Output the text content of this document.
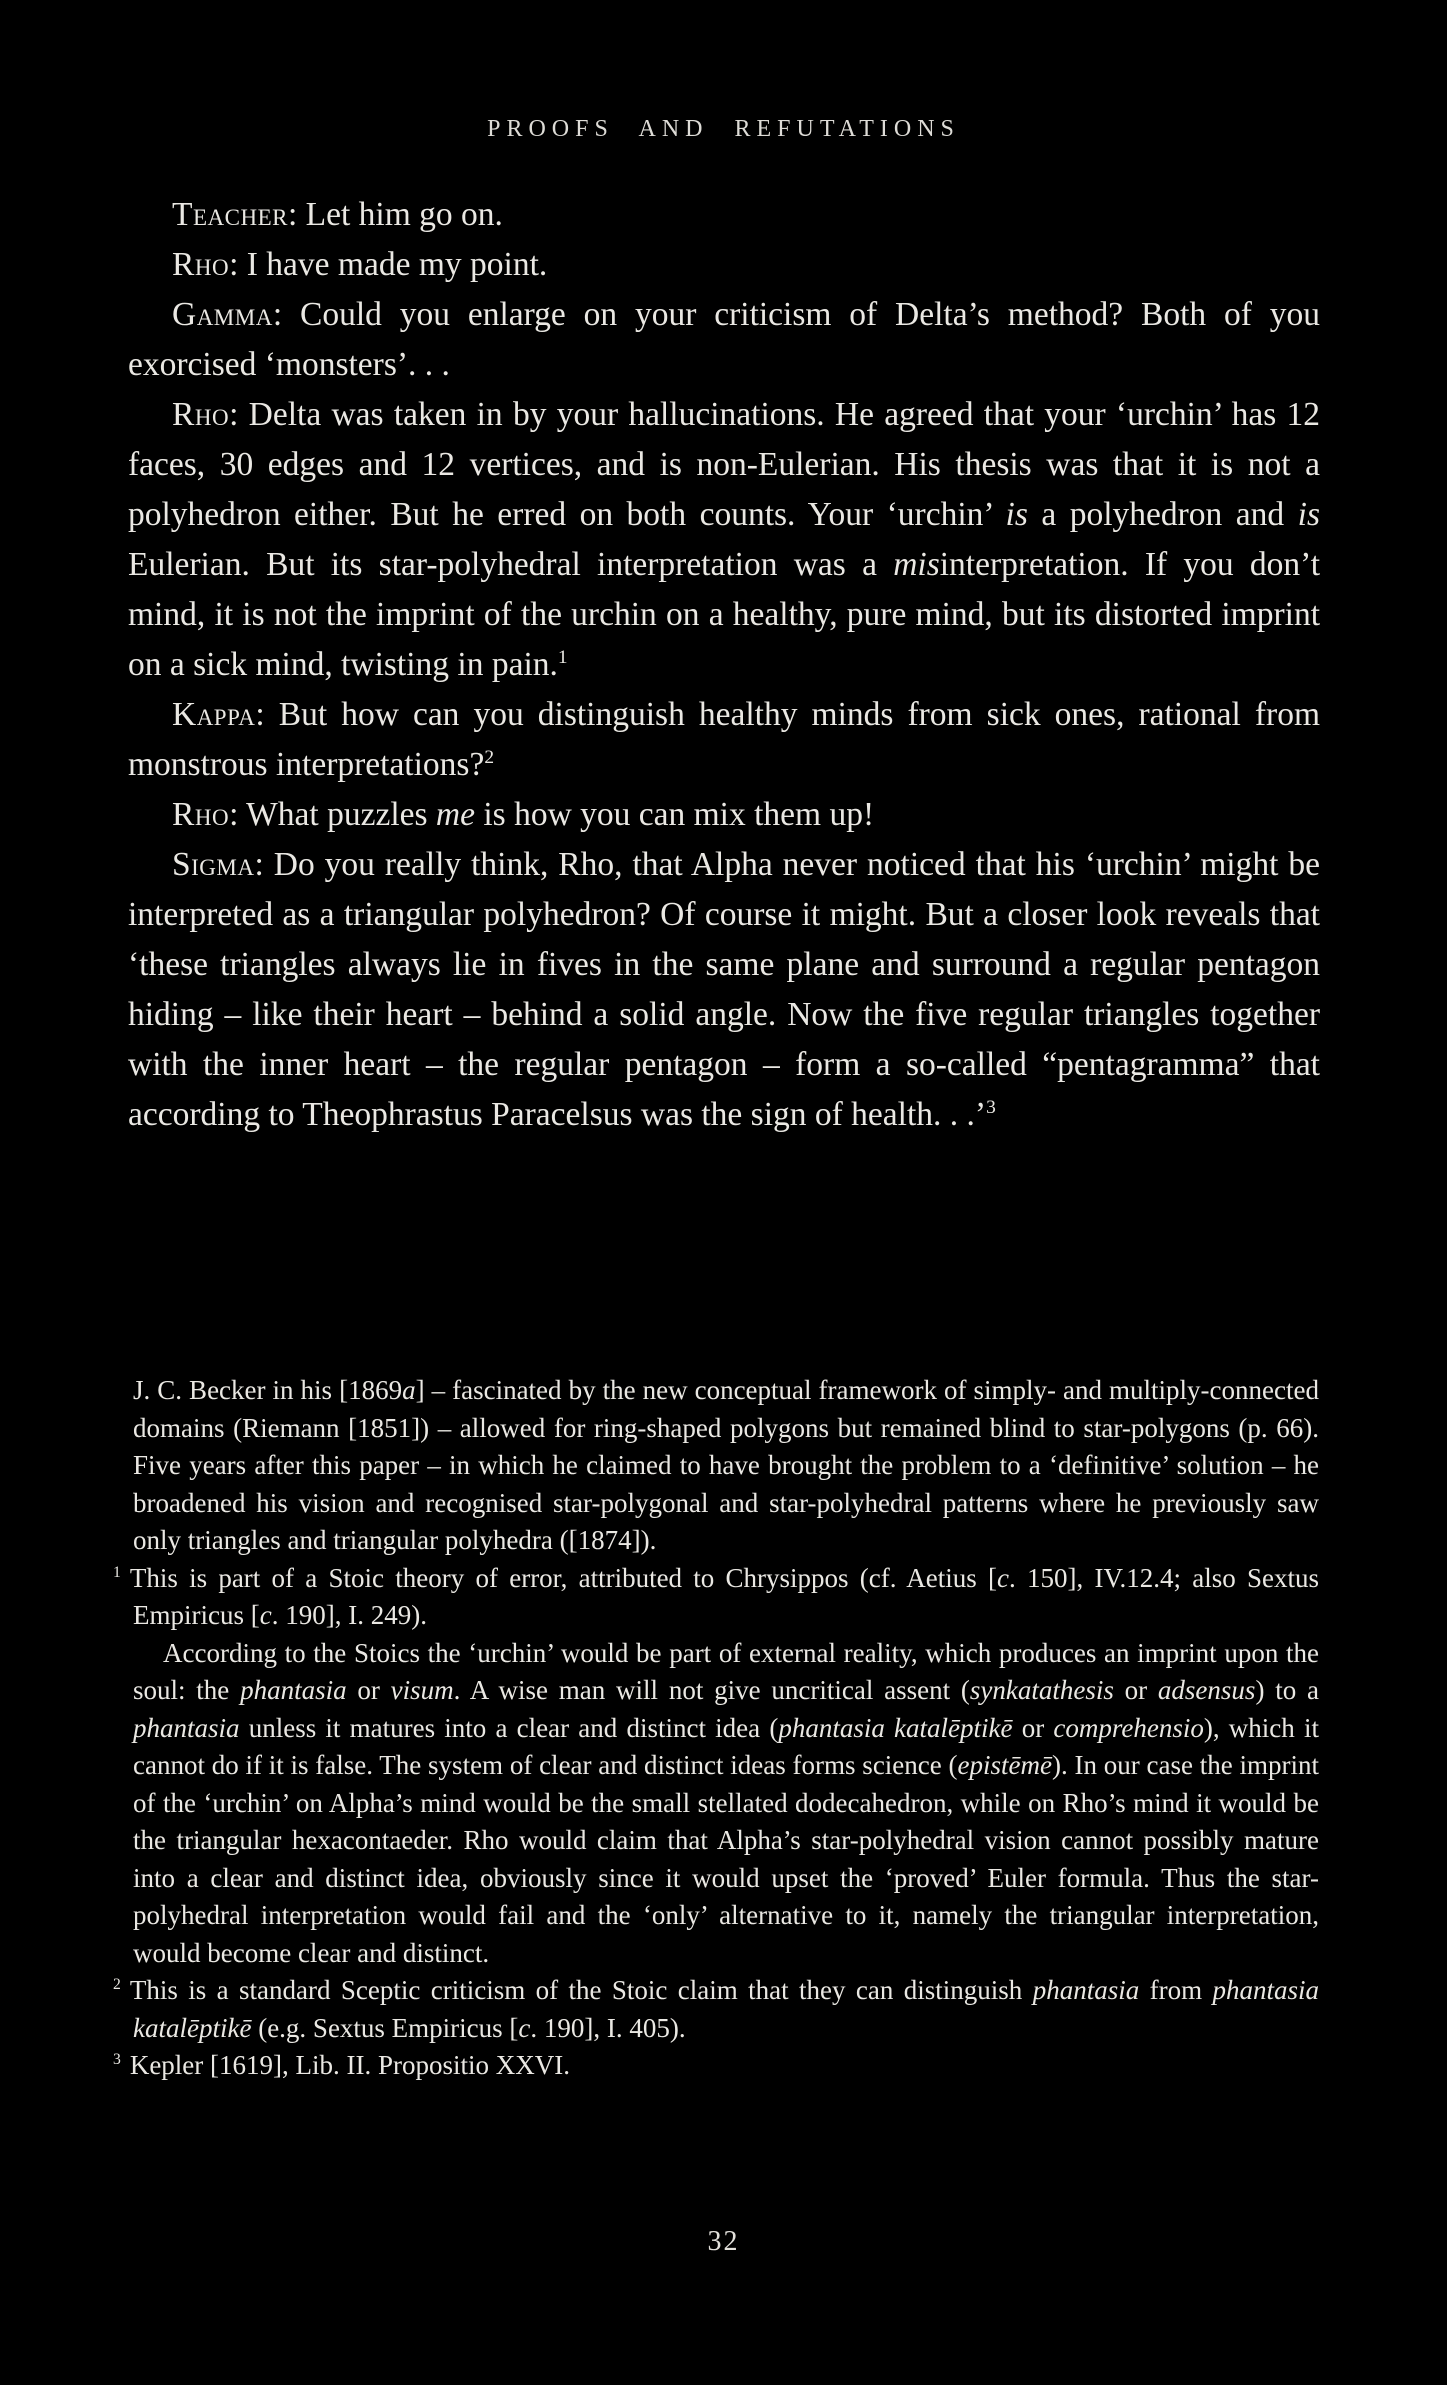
PROOFS AND REFUTATIONS

Teacher: Let him go on.

Rho: I have made my point.

Gamma: Could you enlarge on your criticism of Delta’s method? Both of you exorcised ‘monsters’. . .

Rho: Delta was taken in by your hallucinations. He agreed that your ‘urchin’ has 12 faces, 30 edges and 12 vertices, and is non-Eulerian. His thesis was that it is not a polyhedron either. But he erred on both counts. Your ‘urchin’ is a polyhedron and is Eulerian. But its star-polyhedral interpretation was a misinterpretation. If you don’t mind, it is not the imprint of the urchin on a healthy, pure mind, but its distorted imprint on a sick mind, twisting in pain.$^1$

Kappa: But how can you distinguish healthy minds from sick ones, rational from monstrous interpretations?$^2$

Rho: What puzzles me is how you can mix them up!

Sigma: Do you really think, Rho, that Alpha never noticed that his ‘urchin’ might be interpreted as a triangular polyhedron? Of course it might. But a closer look reveals that ‘these triangles always lie in fives in the same plane and surround a regular pentagon hiding – like their heart – behind a solid angle. Now the five regular triangles together with the inner heart – the regular pentagon – form a so-called “pentagramma” that according to Theophrastus Paracelsus was the sign of health. . .’$^3$

J. C. Becker in his [1869a] – fascinated by the new conceptual framework of simply- and multiply-connected domains (Riemann [1851]) – allowed for ring-shaped polygons but remained blind to star-polygons (p. 66). Five years after this paper – in which he claimed to have brought the problem to a ‘definitive’ solution – he broadened his vision and recognised star-polygonal and star-polyhedral patterns where he previously saw only triangles and triangular polyhedra ([1874]).

$^1$ This is part of a Stoic theory of error, attributed to Chrysippos (cf. Aetius [c. 150], IV.12.4; also Sextus Empiricus [c. 190], I. 249).

According to the Stoics the ‘urchin’ would be part of external reality, which produces an imprint upon the soul: the phantasia or visum. A wise man will not give uncritical assent (synkatathesis or adsensus) to a phantasia unless it matures into a clear and distinct idea (phantasia katalēptikē or comprehensio), which it cannot do if it is false. The system of clear and distinct ideas forms science (epistēmē). In our case the imprint of the ‘urchin’ on Alpha’s mind would be the small stellated dodecahedron, while on Rho’s mind it would be the triangular hexacontaeder. Rho would claim that Alpha’s star-polyhedral vision cannot possibly mature into a clear and distinct idea, obviously since it would upset the ‘proved’ Euler formula. Thus the star-polyhedral interpretation would fail and the ‘only’ alternative to it, namely the triangular interpretation, would become clear and distinct.

$^2$ This is a standard Sceptic criticism of the Stoic claim that they can distinguish phantasia from phantasia katalēptikē (e.g. Sextus Empiricus [c. 190], I. 405).

$^3$ Kepler [1619], Lib. II. Propositio XXVI.

32
